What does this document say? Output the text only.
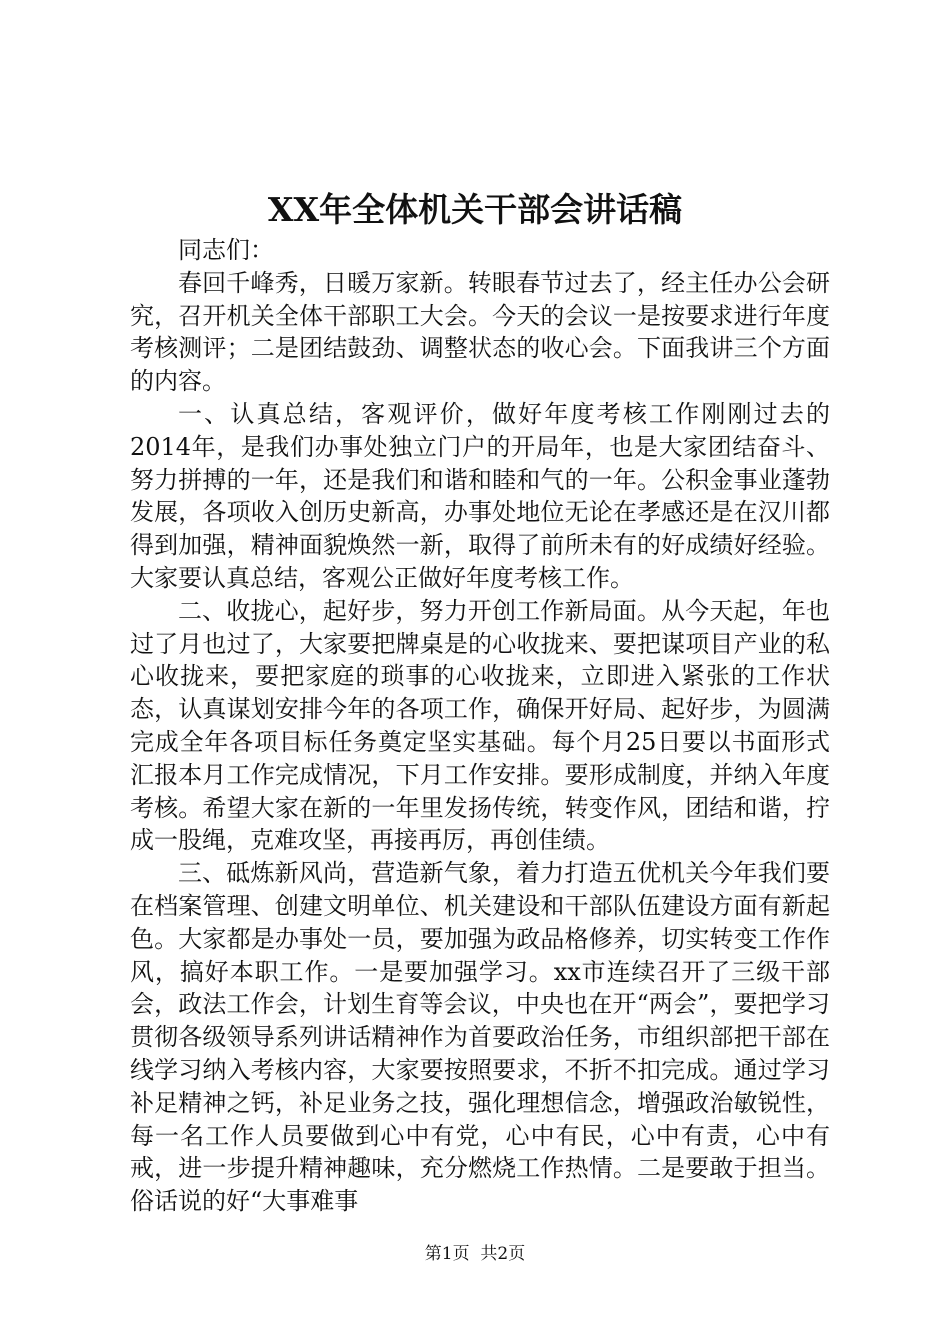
XX年全体机关干部会讲话稿

同志们：

春回千峰秀，日暖万家新。转眼春节过去了，经主任办公会研究，召开机关全体干部职工大会。今天的会议一是按要求进行年度考核测评；二是团结鼓劲、调整状态的收心会。下面我讲三个方面的内容。

一、认真总结，客观评价，做好年度考核工作刚刚过去的2014年，是我们办事处独立门户的开局年，也是大家团结奋斗、努力拼搏的一年，还是我们和谐和睦和气的一年。公积金事业蓬勃发展，各项收入创历史新高，办事处地位无论在孝感还是在汉川都得到加强，精神面貌焕然一新，取得了前所未有的好成绩好经验。大家要认真总结，客观公正做好年度考核工作。

二、收拢心，起好步，努力开创工作新局面。从今天起，年也过了月也过了，大家要把牌桌是的心收拢来、要把谋项目产业的私心收拢来，要把家庭的琐事的心收拢来，立即进入紧张的工作状态，认真谋划安排今年的各项工作，确保开好局、起好步，为圆满完成全年各项目标任务奠定坚实基础。每个月25日要以书面形式汇报本月工作完成情况，下月工作安排。要形成制度，并纳入年度考核。希望大家在新的一年里发扬传统，转变作风，团结和谐，拧成一股绳，克难攻坚，再接再厉，再创佳绩。

三、砥炼新风尚，营造新气象，着力打造五优机关今年我们要在档案管理、创建文明单位、机关建设和干部队伍建设方面有新起色。大家都是办事处一员，要加强为政品格修养，切实转变工作作风，搞好本职工作。一是要加强学习。xx市连续召开了三级干部会，政法工作会，计划生育等会议，中央也在开“两会”，要把学习贯彻各级领导系列讲话精神作为首要政治任务，市组织部把干部在线学习纳入考核内容，大家要按照要求，不折不扣完成。通过学习补足精神之钙，补足业务之技，强化理想信念，增强政治敏锐性，每一名工作人员要做到心中有党，心中有民，心中有责，心中有戒，进一步提升精神趣味，充分燃烧工作热情。二是要敢于担当。俗话说的好“大事难事

第1页 共2页
